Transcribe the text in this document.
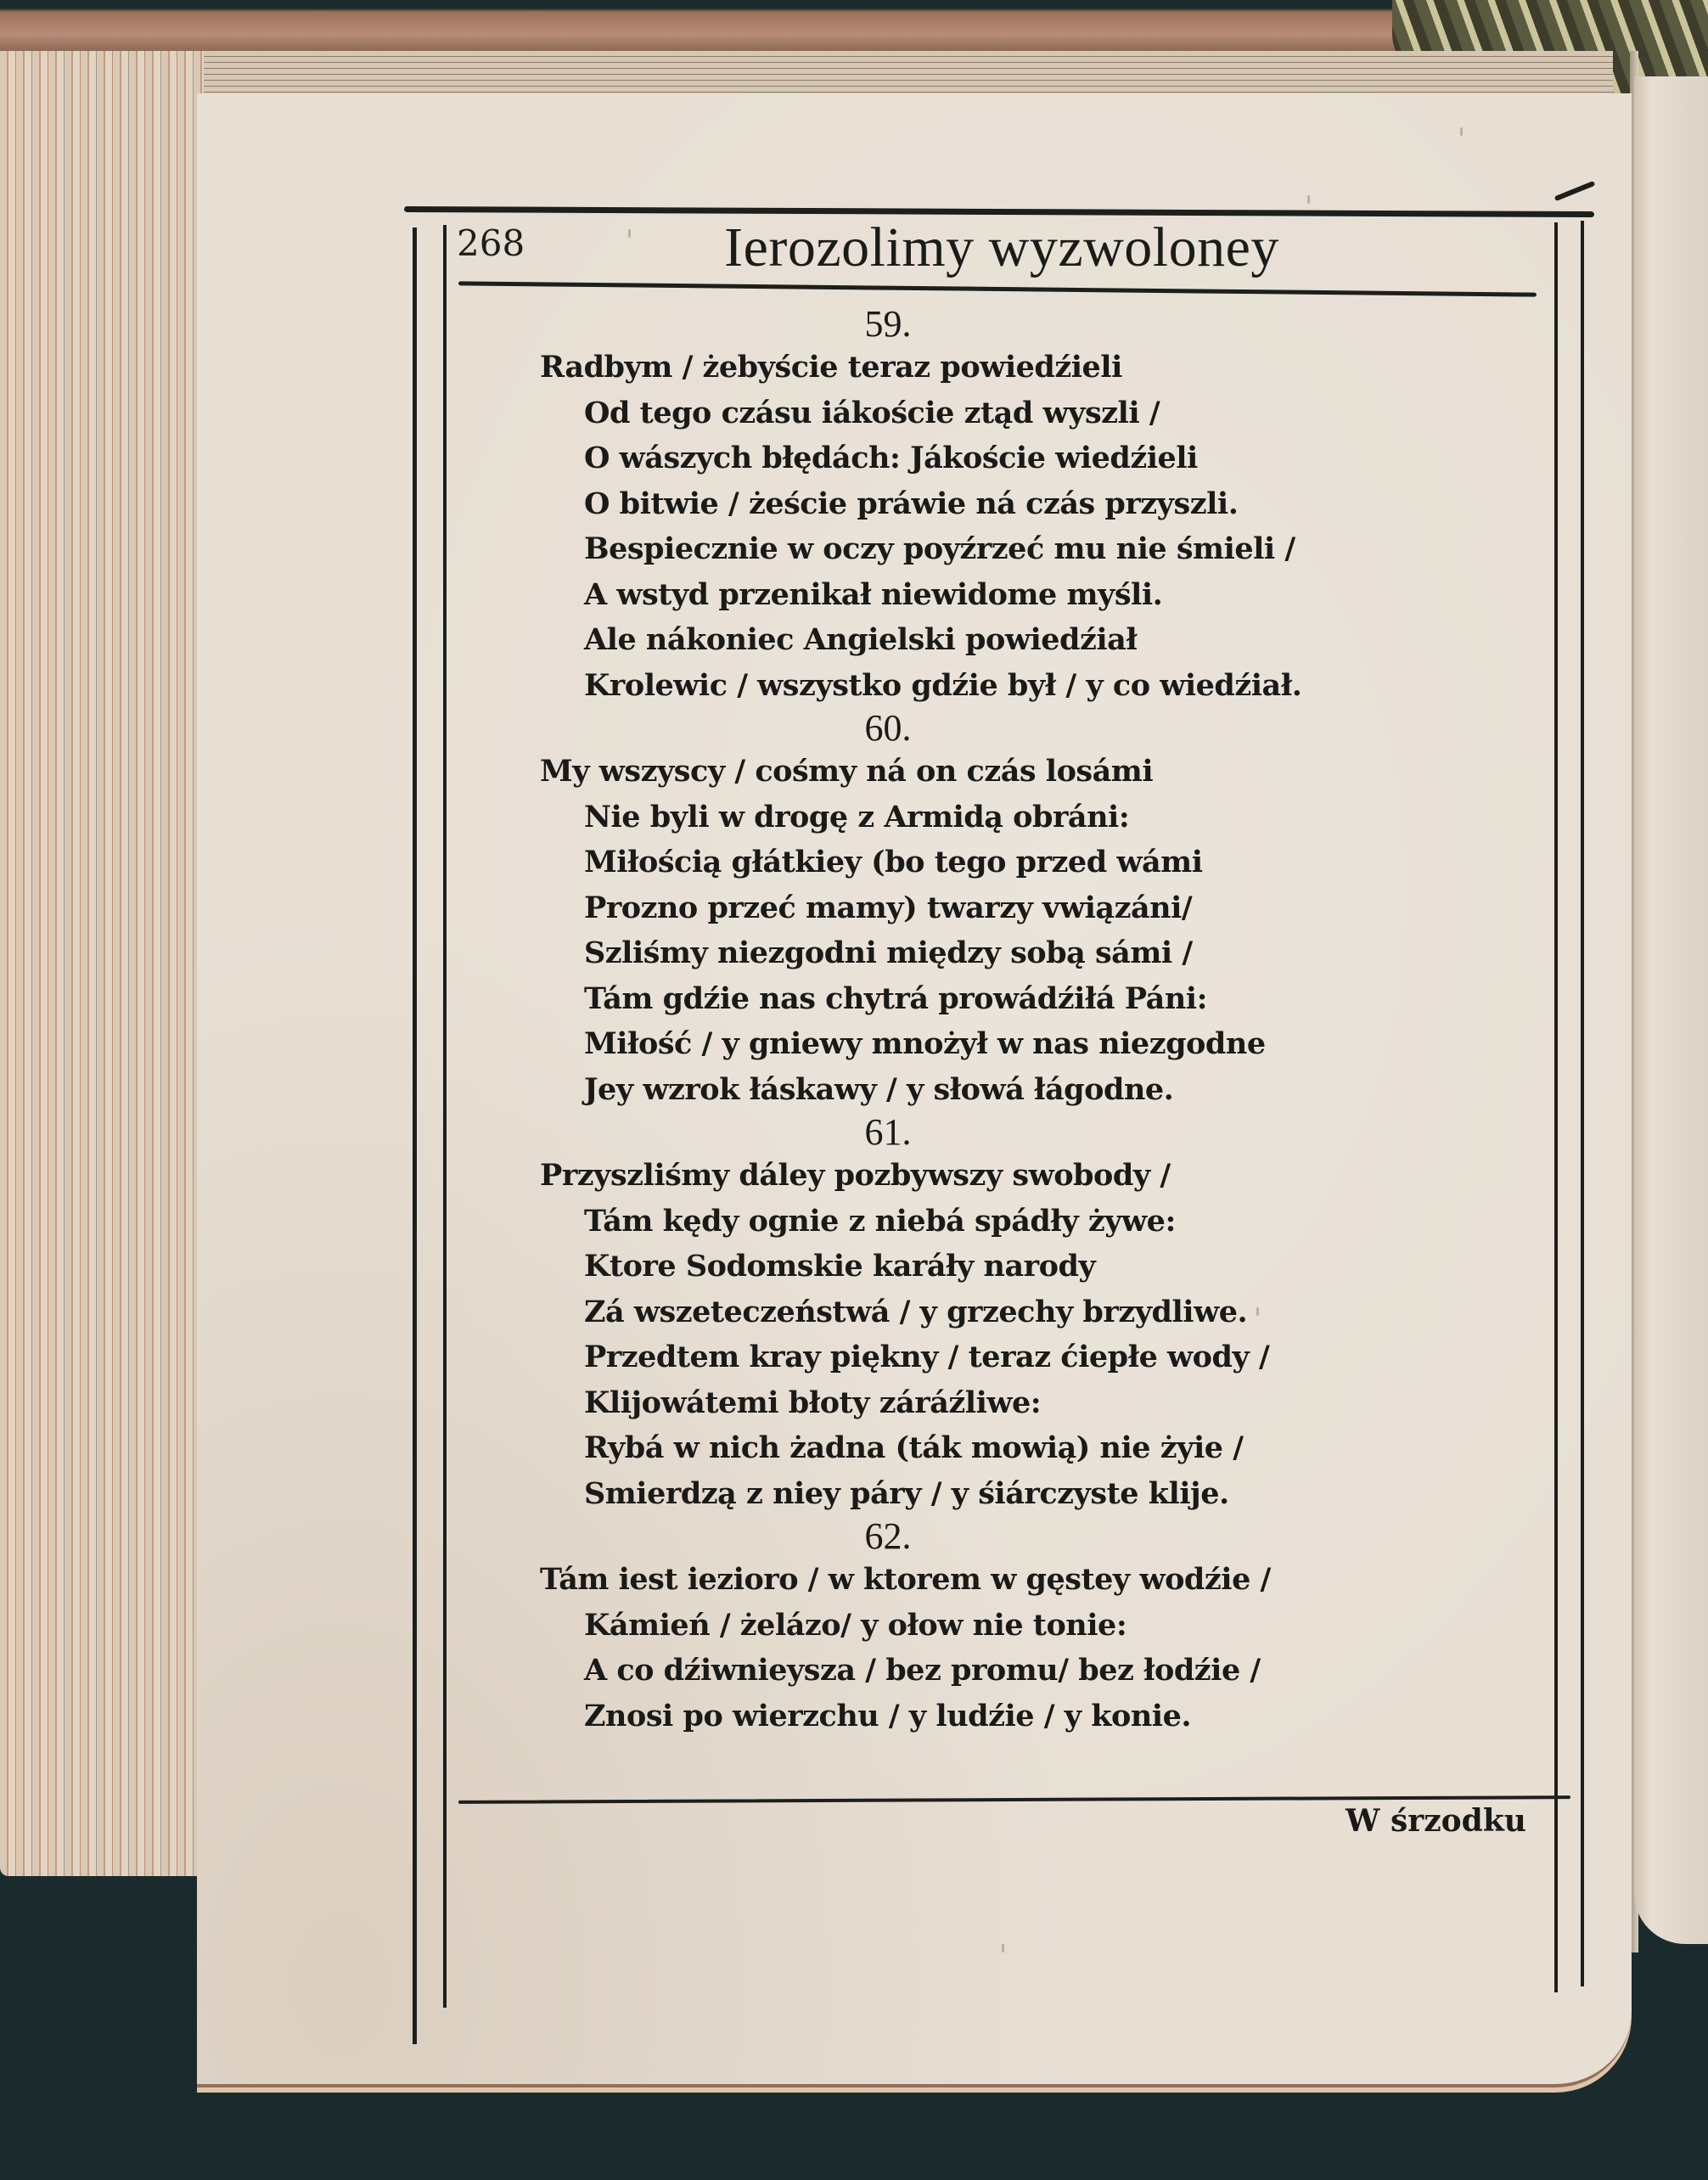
268	Ierozolimy wyzwoloney
59.
Radbym / żebyście teraz powiedźieli
Od tego czásu iákoście ztąd wyszli /
O wászych błędách: Jákoście wiedźieli
O bitwie / żeście práwie ná czás przyszli.
Bespiecznie w oczy poyźrzeć mu nie śmieli /
A wstyd przenikał niewidome myśli.
Ale nákoniec Angielski powiedźiał
Krolewic / wszystko gdźie był / y co wiedźiał.
60.
My wszyscy / cośmy ná on czás losámi
Nie byli w drogę z Armidą obráni:
Miłością głátkiey (bo tego przed wámi
Prozno przeć mamy) twarzy vwiązáni/
Szliśmy niezgodni między sobą sámi /
Tám gdźie nas chytrá prowádźiłá Páni:
Miłość / y gniewy mnożył w nas niezgodne
Jey wzrok łáskawy / y słowá łágodne.
61.
Przyszliśmy dáley pozbywszy swobody /
Tám kędy ognie z niebá spádły żywe:
Ktore Sodomskie karáły narody
Zá wszeteczeństwá / y grzechy brzydliwe.
Przedtem kray piękny / teraz ćiepłe wody /
Klijowátemi błoty záráźliwe:
Rybá w nich żadna (ták mowią) nie żyie /
Smierdzą z niey páry / y śiárczyste klije.
62.
Tám iest iezioro / w ktorem w gęstey wodźie /
Kámień / żelázo/ y ołow nie tonie:
A co dźiwnieysza / bez promu/ bez łodźie /
Znosi po wierzchu / y ludźie / y konie.
W śrzodku
